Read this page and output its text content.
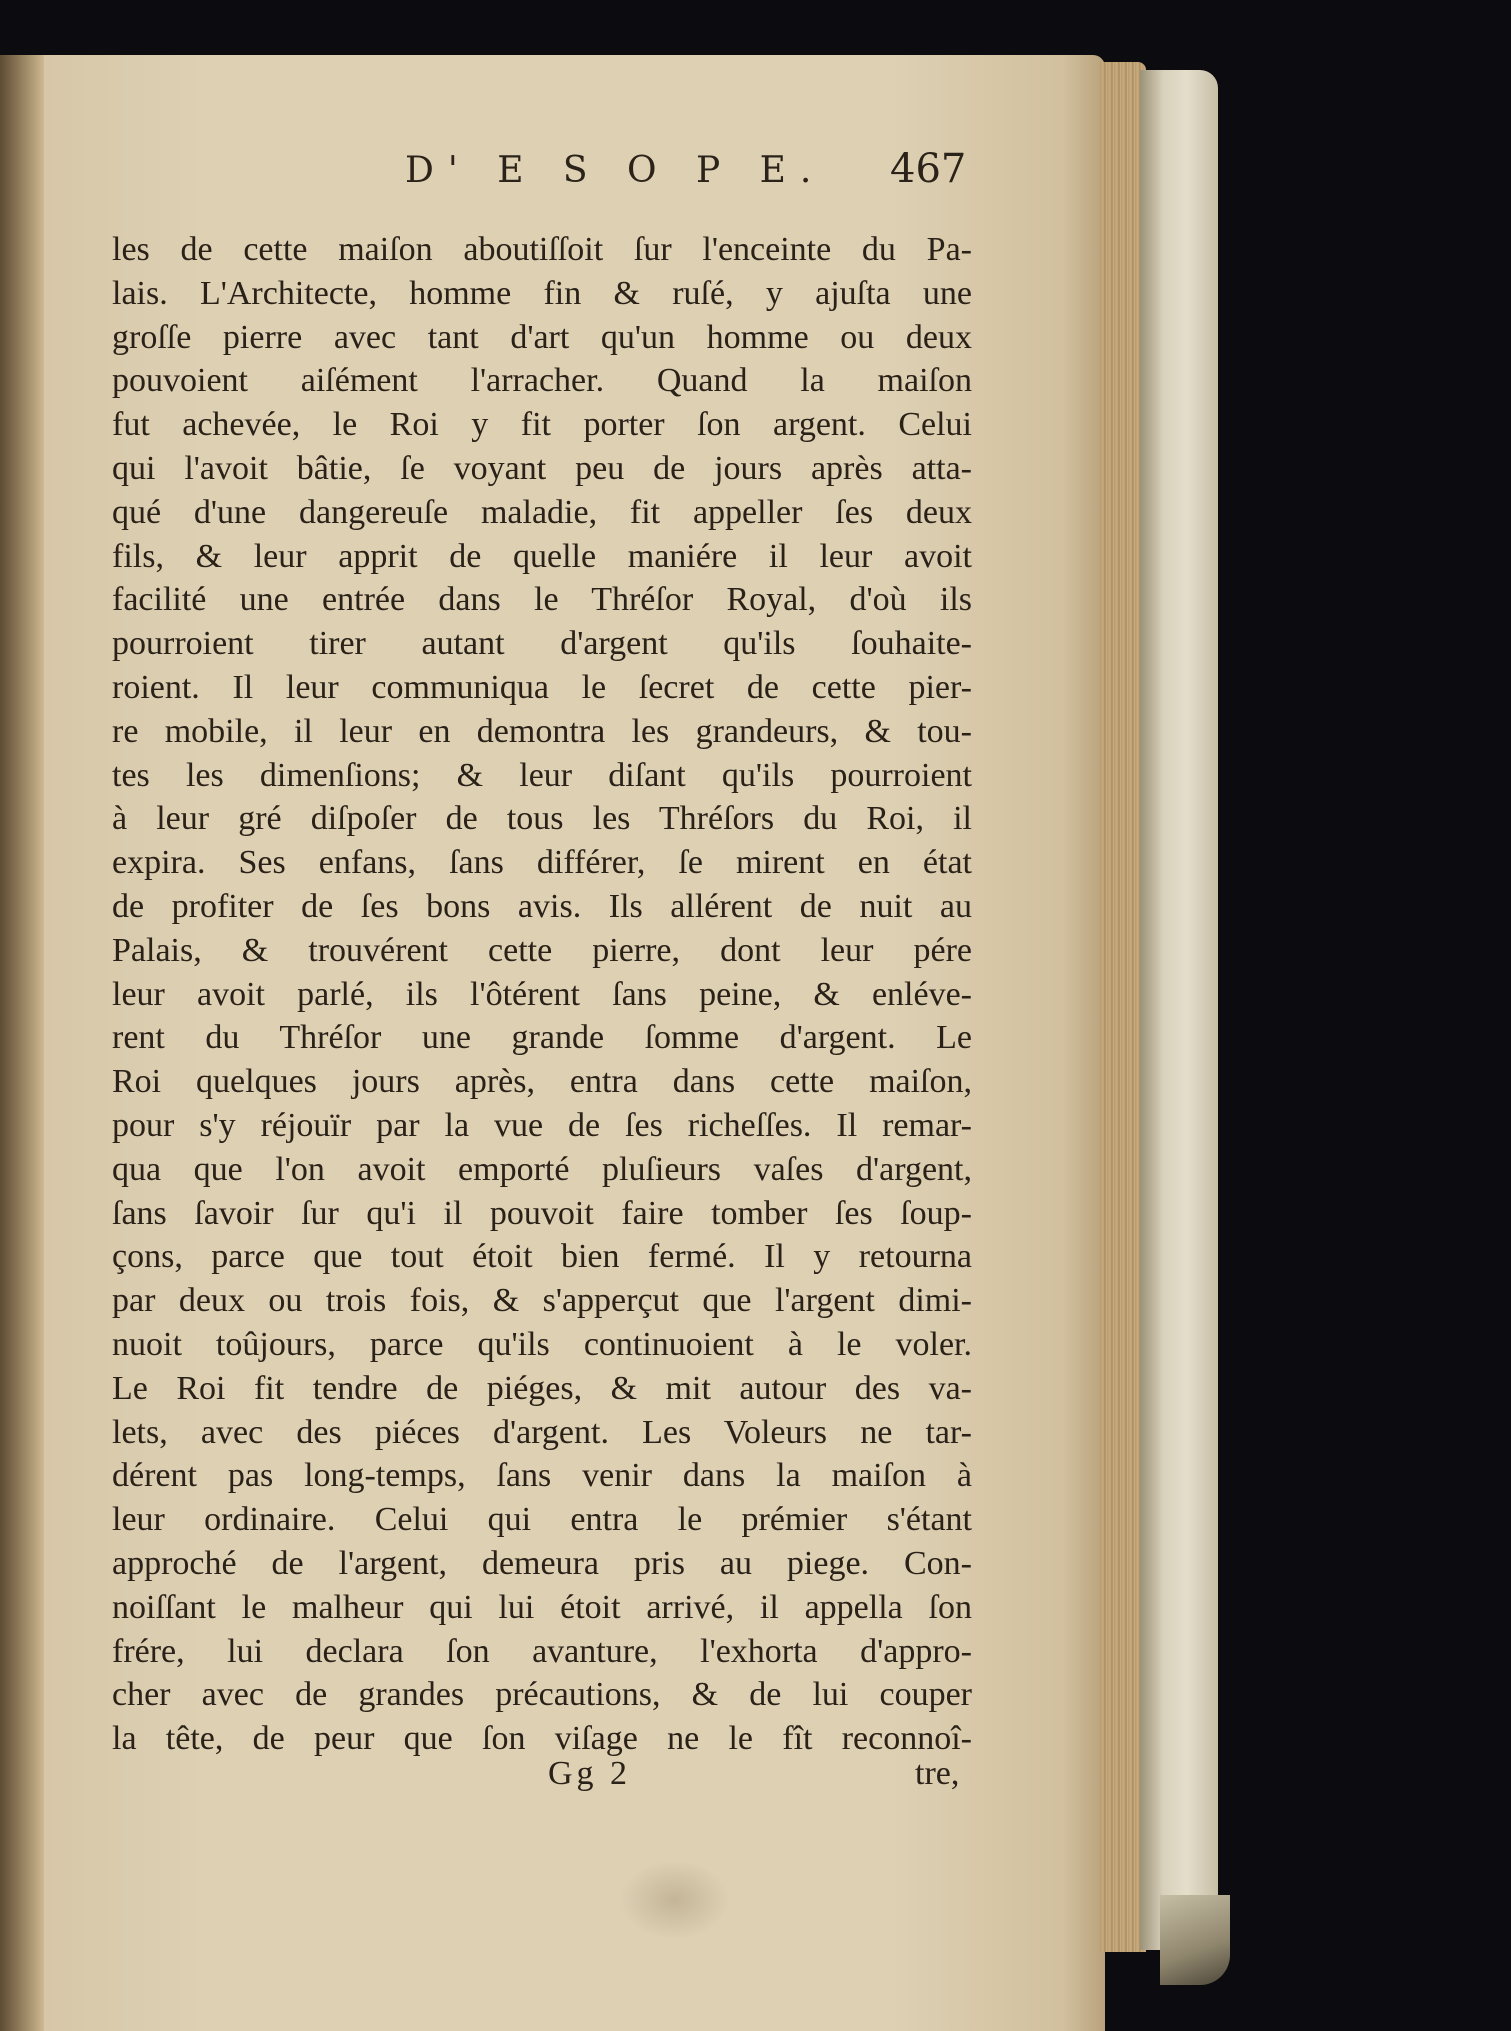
D' E S O P E. 467
les de cette maiſon aboutiſſoit ſur l'enceinte du Pa-
lais. L'Architecte, homme fin & ruſé, y ajuſta une
groſſe pierre avec tant d'art qu'un homme ou deux
pouvoient aiſément l'arracher. Quand la maiſon
fut achevée, le Roi y fit porter ſon argent. Celui
qui l'avoit bâtie, ſe voyant peu de jours après atta-
qué d'une dangereuſe maladie, fit appeller ſes deux
fils, & leur apprit de quelle maniére il leur avoit
facilité une entrée dans le Thréſor Royal, d'où ils
pourroient tirer autant d'argent qu'ils ſouhaite-
roient. Il leur communiqua le ſecret de cette pier-
re mobile, il leur en demontra les grandeurs, & tou-
tes les dimenſions; & leur diſant qu'ils pourroient
à leur gré diſpoſer de tous les Thréſors du Roi, il
expira. Ses enfans, ſans différer, ſe mirent en état
de profiter de ſes bons avis. Ils allérent de nuit au
Palais, & trouvérent cette pierre, dont leur pére
leur avoit parlé, ils l'ôtérent ſans peine, & enléve-
rent du Thréſor une grande ſomme d'argent. Le
Roi quelques jours après, entra dans cette maiſon,
pour s'y réjouïr par la vue de ſes richeſſes. Il remar-
qua que l'on avoit emporté pluſieurs vaſes d'argent,
ſans ſavoir ſur qu'i il pouvoit faire tomber ſes ſoup-
çons, parce que tout étoit bien fermé. Il y retourna
par deux ou trois fois, & s'apperçut que l'argent dimi-
nuoit toûjours, parce qu'ils continuoient à le voler.
Le Roi fit tendre de piéges, & mit autour des va-
lets, avec des piéces d'argent. Les Voleurs ne tar-
dérent pas long-temps, ſans venir dans la maiſon à
leur ordinaire. Celui qui entra le prémier s'étant
approché de l'argent, demeura pris au piege. Con-
noiſſant le malheur qui lui étoit arrivé, il appella ſon
frére, lui declara ſon avanture, l'exhorta d'appro-
cher avec de grandes précautions, & de lui couper
la tête, de peur que ſon viſage ne le fît reconnoî-
Gg 2	tre,
